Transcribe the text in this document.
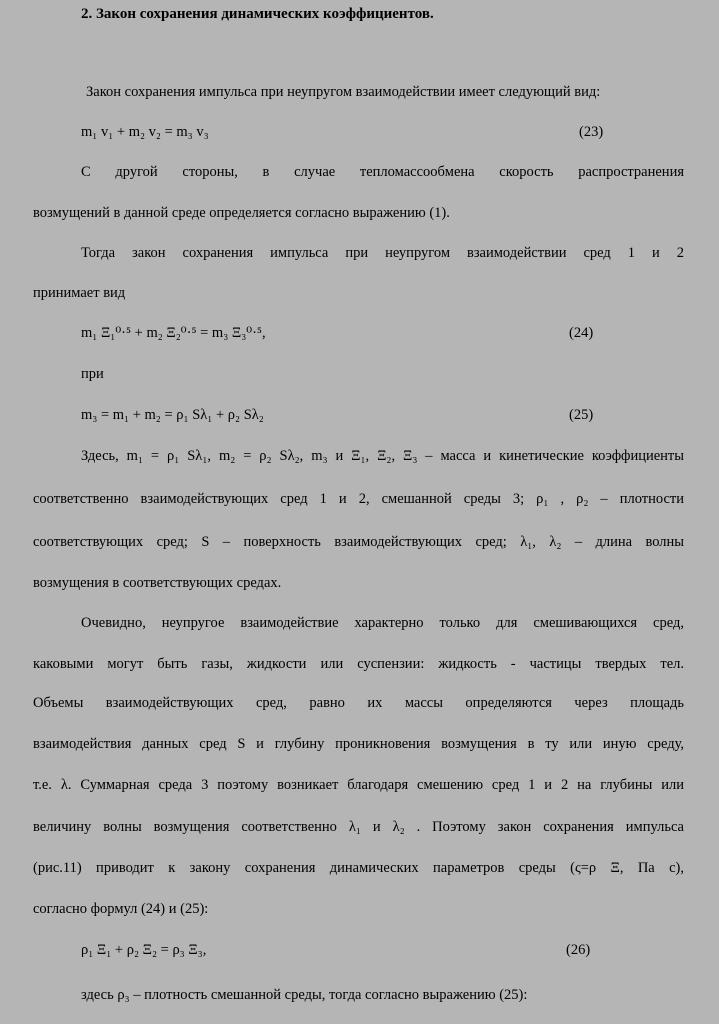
2. Закон сохранения динамических коэффициентов.
Закон сохранения импульса при неупругом взаимодействии имеет следующий вид:
m₁ v₁ + m₂ v₂ = m₃ v₃	(23)
С другой стороны, в случае тепломассообмена скорость распространения
возмущений в данной среде определяется согласно выражению (1).
Тогда закон сохранения импульса при неупругом взаимодействии сред 1 и 2
принимает вид
m₁ Ξ₁⁰·⁵ + m₂ Ξ₂⁰·⁵ = m₃ Ξ₃⁰·⁵,	(24)
при
m₃ = m₁ + m₂ = ρ₁ Sλ₁ + ρ₂ Sλ₂	(25)
Здесь, m₁ = ρ₁ Sλ₁, m₂ = ρ₂ Sλ₂, m₃ и Ξ₁, Ξ₂, Ξ₃ – масса и кинетические коэффициенты
соответственно взаимодействующих сред 1 и 2, смешанной среды 3; ρ₁ , ρ₂ – плотности
соответствующих сред; S – поверхность взаимодействующих сред; λ₁, λ₂ – длина волны
возмущения в соответствующих средах.
Очевидно, неупругое взаимодействие характерно только для смешивающихся сред,
каковыми могут быть газы, жидкости или суспензии: жидкость - частицы твердых тел.
Объемы взаимодействующих сред, равно их массы определяются через площадь
взаимодействия данных сред S и глубину проникновения возмущения в ту или иную среду,
т.е. λ. Суммарная среда 3 поэтому возникает благодаря смешению сред 1 и 2 на глубины или
величину волны возмущения соответственно λ₁ и λ₂ . Поэтому закон сохранения импульса
(рис.11) приводит к закону сохранения динамических параметров среды (ς=ρ Ξ, Па с),
согласно формул (24) и (25):
ρ₁ Ξ₁ + ρ₂ Ξ₂ = ρ₃ Ξ₃,	(26)
здесь ρ₃ – плотность смешанной среды, тогда согласно выражению (25):
